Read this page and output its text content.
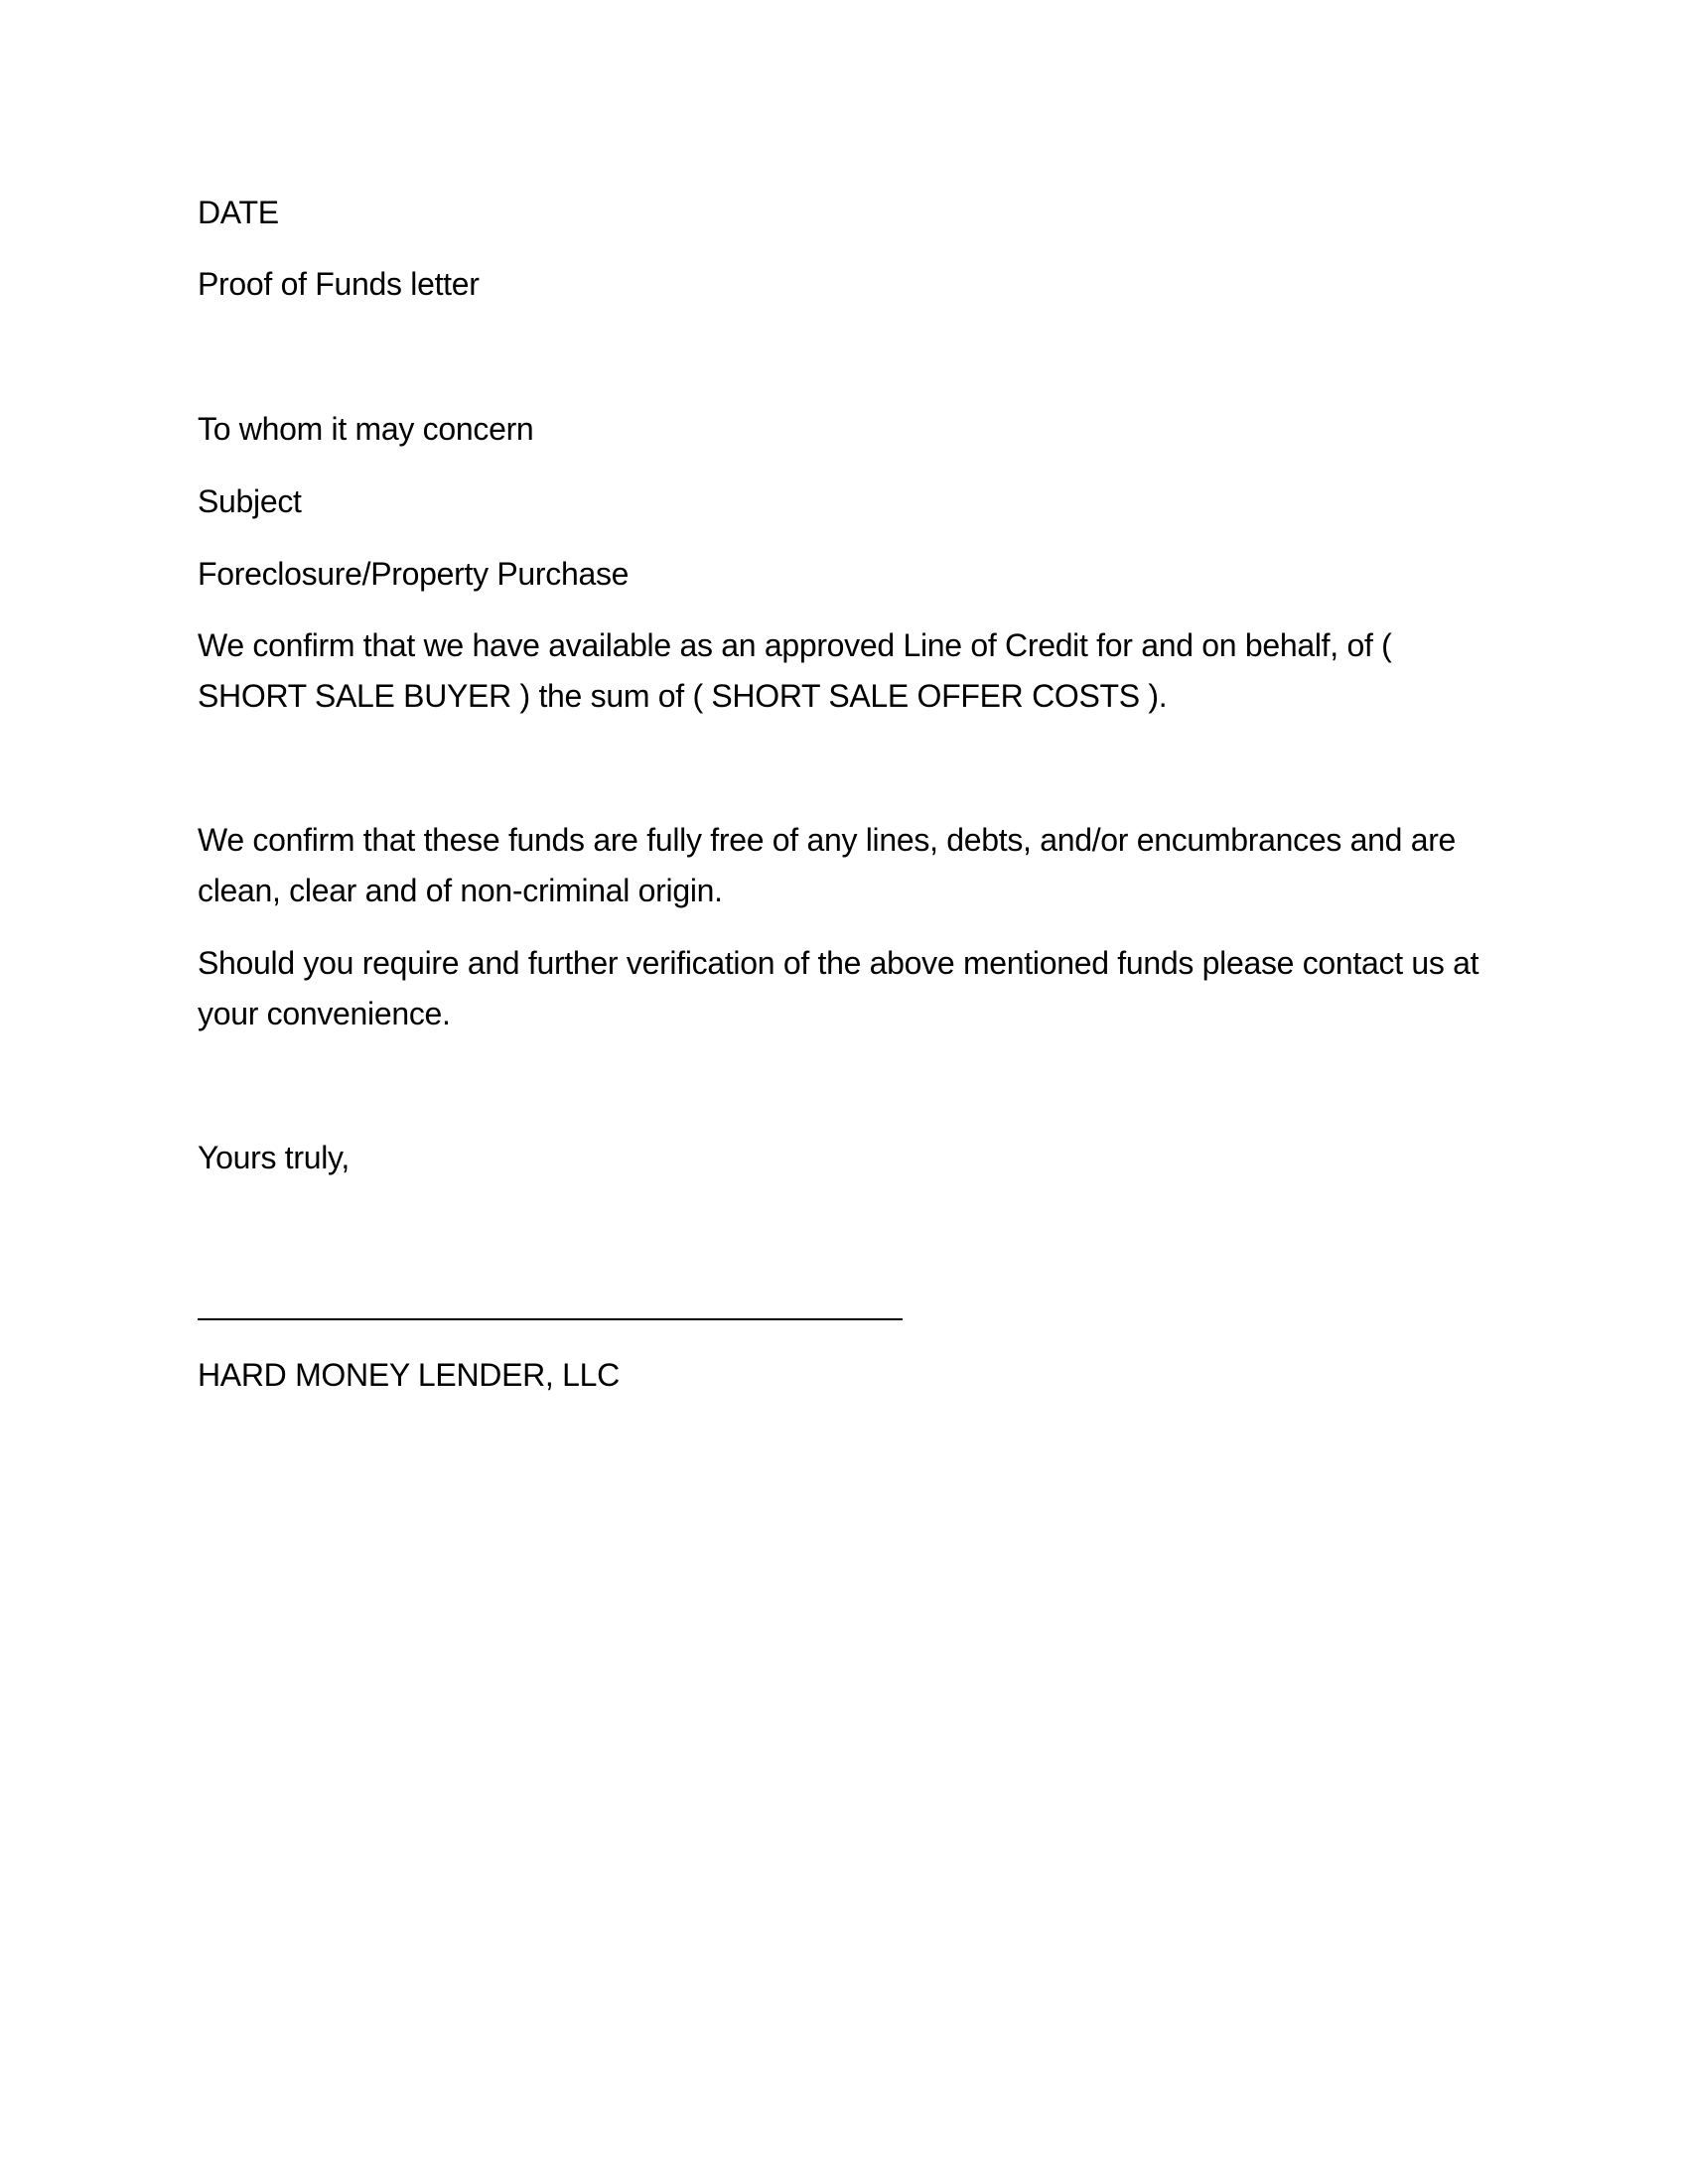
DATE
Proof of Funds letter
To whom it may concern
Subject
Foreclosure/Property Purchase
We confirm that we have available as an approved Line of Credit for and on behalf, of ( SHORT SALE BUYER ) the sum of ( SHORT SALE OFFER COSTS ).
We confirm that these funds are fully free of any lines, debts, and/or encumbrances and are clean, clear and of non-criminal origin.
Should you require and further verification of the above mentioned funds please contact us at your convenience.
Yours truly,
HARD MONEY LENDER, LLC
